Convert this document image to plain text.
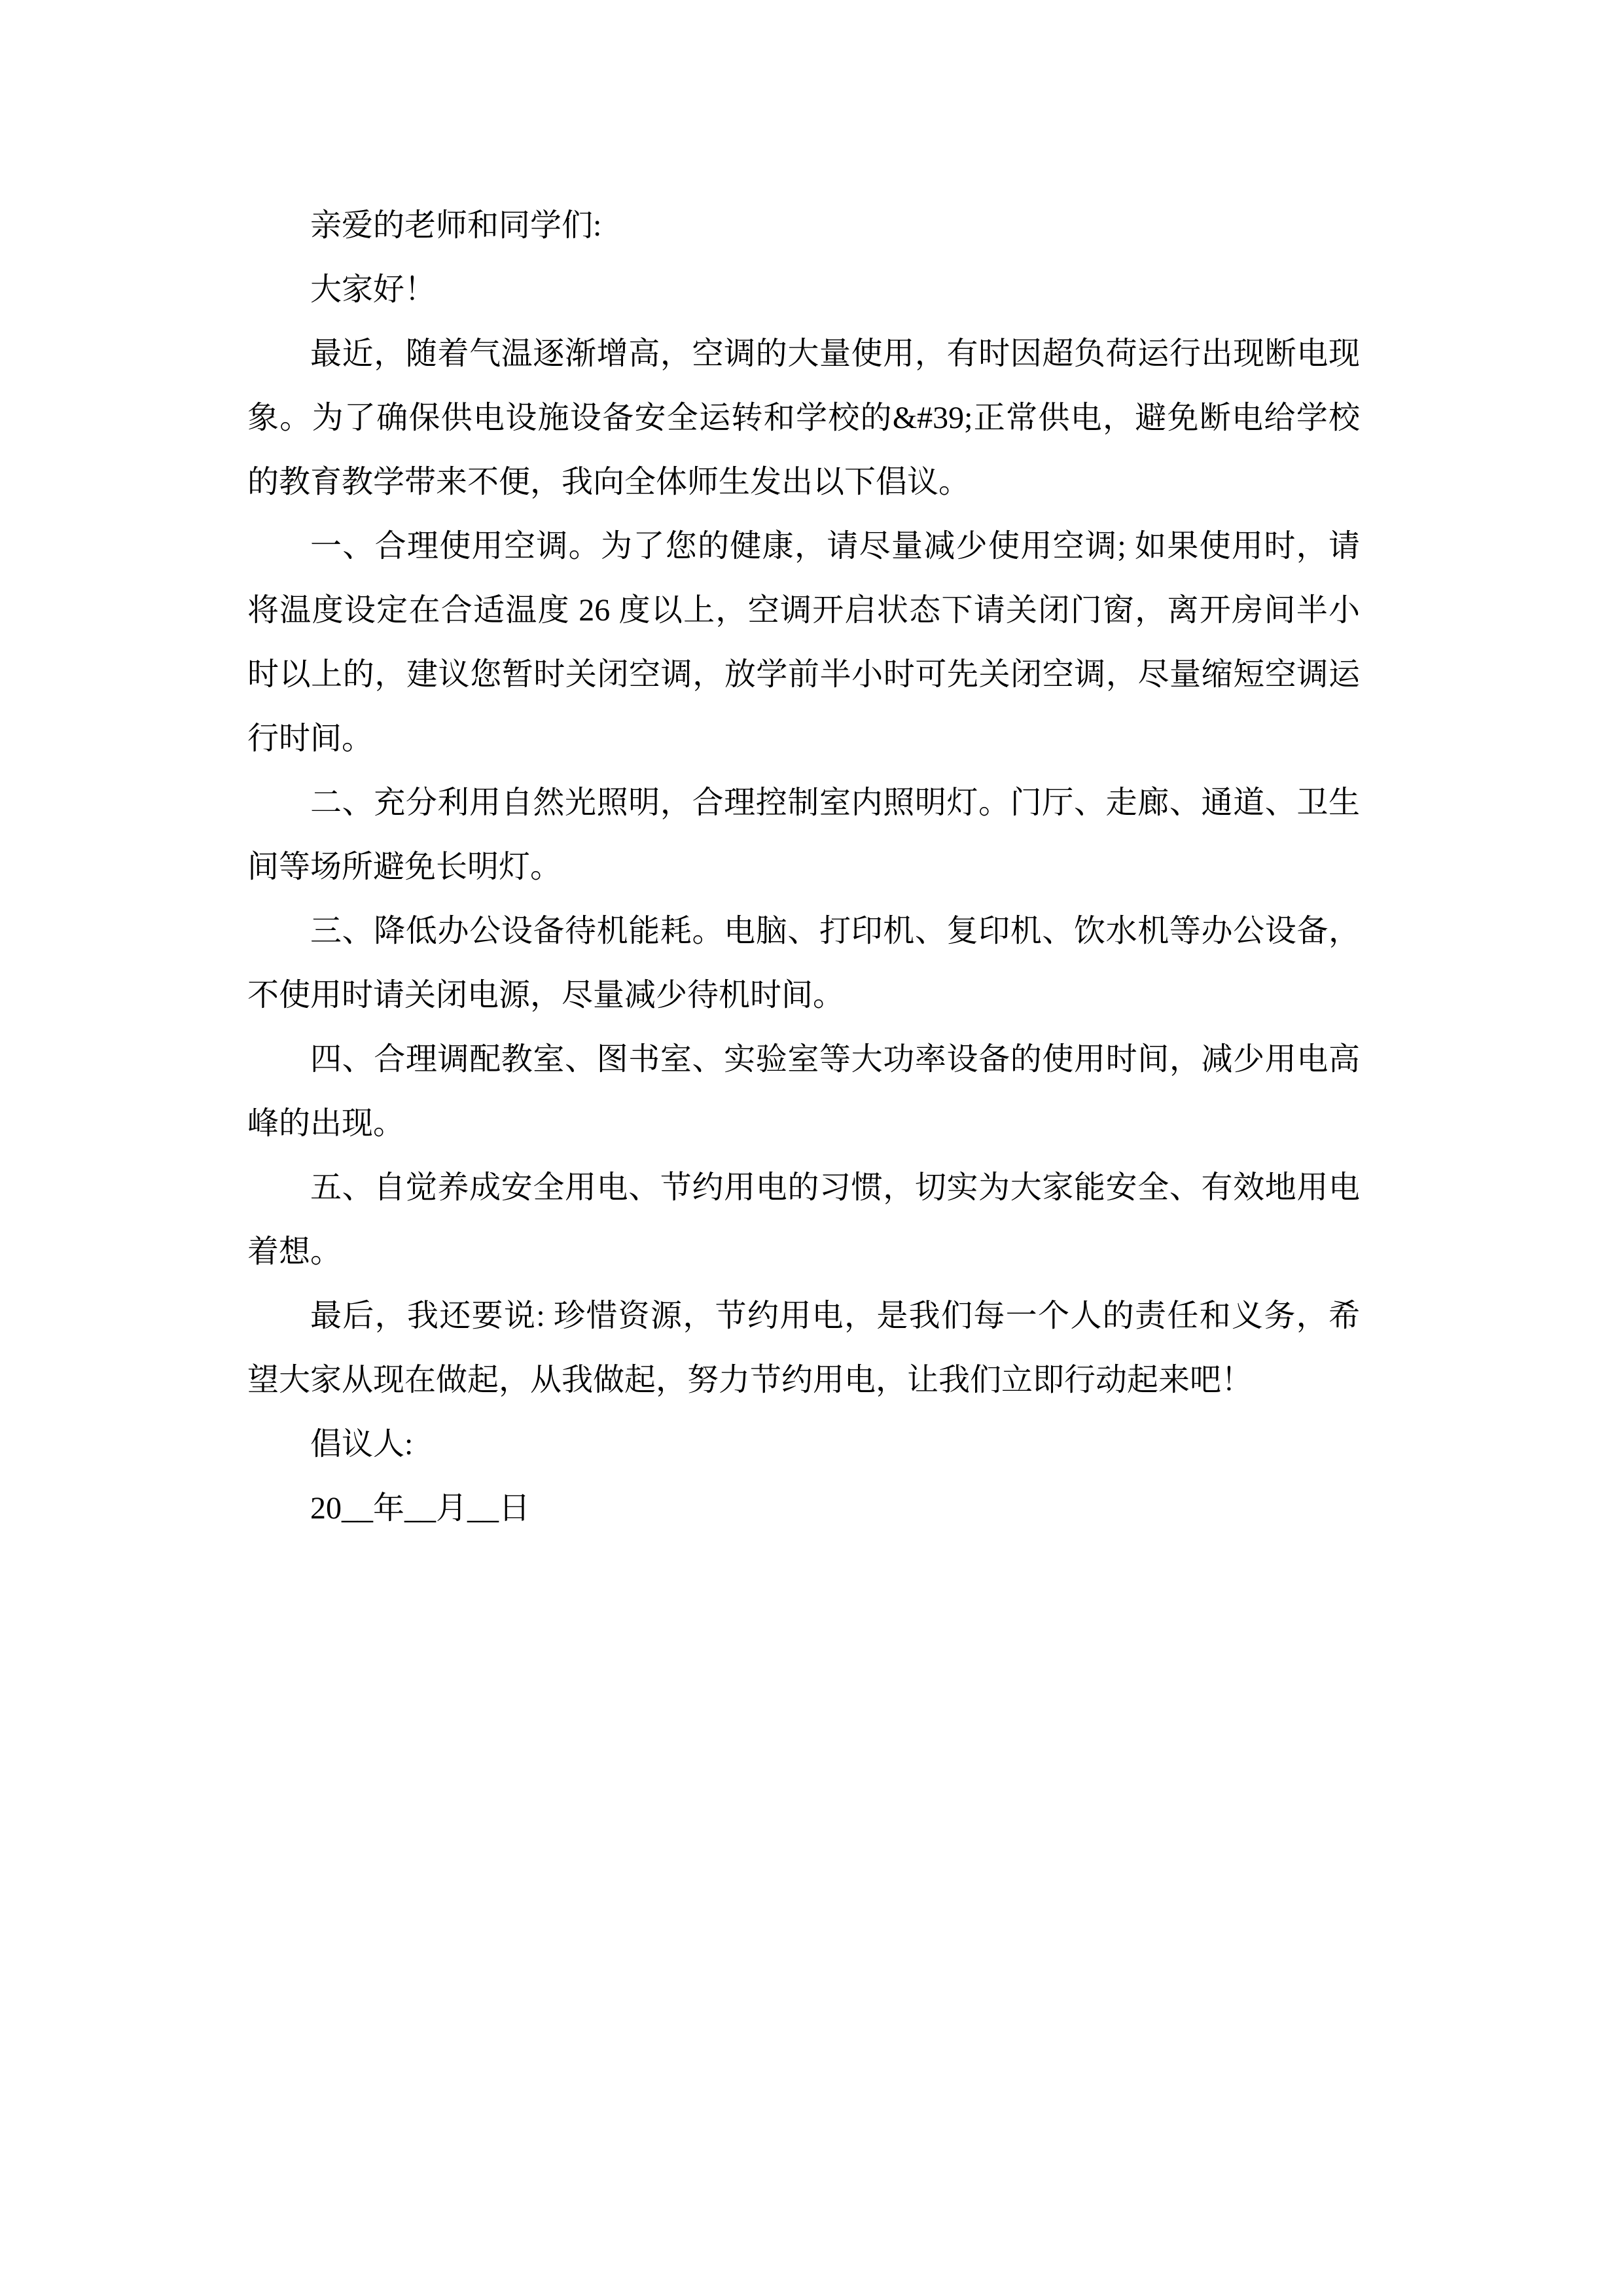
亲爱的老师和同学们:

大家好！

最近，随着气温逐渐增高，空调的大量使用，有时因超负荷运行出现断电现象。为了确保供电设施设备安全运转和学校的&#39;正常供电，避免断电给学校的教育教学带来不便，我向全体师生发出以下倡议。

一、合理使用空调。为了您的健康，请尽量减少使用空调; 如果使用时，请将温度设定在合适温度 26 度以上，空调开启状态下请关闭门窗，离开房间半小时以上的，建议您暂时关闭空调，放学前半小时可先关闭空调，尽量缩短空调运行时间。

二、充分利用自然光照明，合理控制室内照明灯。门厅、走廊、通道、卫生间等场所避免长明灯。

三、降低办公设备待机能耗。电脑、打印机、复印机、饮水机等办公设备，不使用时请关闭电源，尽量减少待机时间。

四、合理调配教室、图书室、实验室等大功率设备的使用时间，减少用电高峰的出现。

五、自觉养成安全用电、节约用电的习惯，切实为大家能安全、有效地用电着想。

最后，我还要说: 珍惜资源，节约用电，是我们每一个人的责任和义务，希望大家从现在做起，从我做起，努力节约用电，让我们立即行动起来吧！

倡议人:

20__年__月__日
